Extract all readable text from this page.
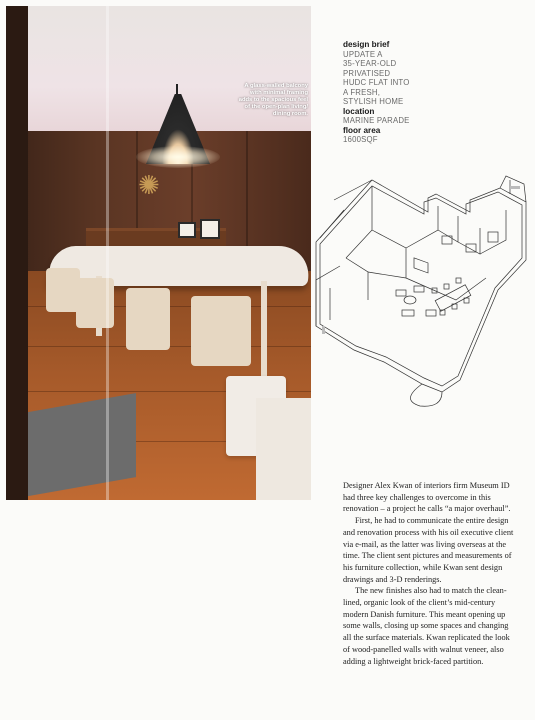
✺
A glass-walled balcony with minimal framing adds to the spacious feel of the open-plan living/ dining room.
design brief
UPDATE A
35-YEAR-OLD
PRIVATISED
HUDC FLAT INTO
A FRESH,
STYLISH HOME
location
MARINE PARADE
floor area
1600SQF

Designer Alex Kwan of interiors firm Museum ID had three key challenges to overcome in this renovation – a project he calls “a major overhaul”.

First, he had to communicate the entire design and renovation process with his oil executive client via e-mail, as the latter was living overseas at the time. The client sent pictures and measurements of his furniture collection, while Kwan sent design drawings and 3-D renderings.

The new finishes also had to match the clean-lined, organic look of the client’s mid-century modern Danish furniture. This meant opening up some walls, closing up some spaces and changing all the surface materials. Kwan replicated the look of wood-panelled walls with walnut veneer, also adding a lightweight brick-faced partition.
